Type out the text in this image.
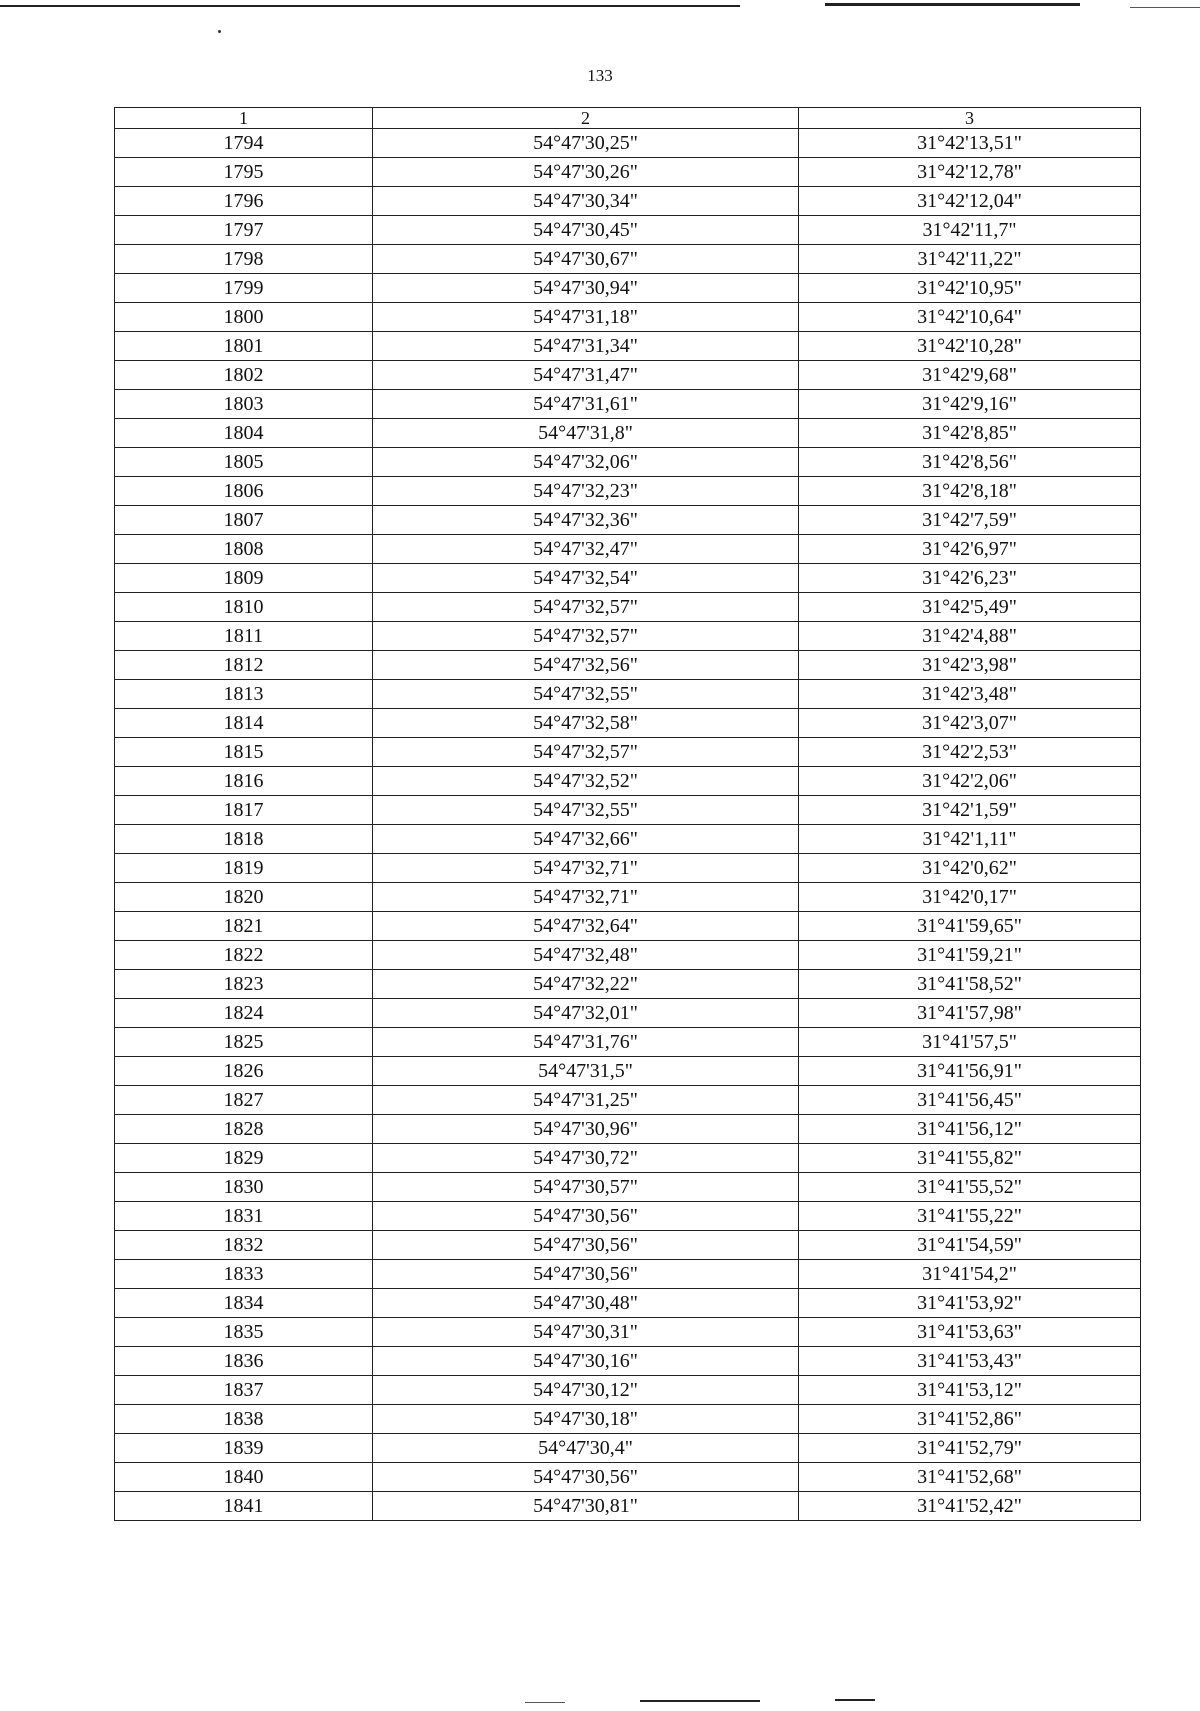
133
1	2	3
1794	54°47'30,25"	31°42'13,51"
1795	54°47'30,26"	31°42'12,78"
1796	54°47'30,34"	31°42'12,04"
1797	54°47'30,45"	31°42'11,7"
1798	54°47'30,67"	31°42'11,22"
1799	54°47'30,94"	31°42'10,95"
1800	54°47'31,18"	31°42'10,64"
1801	54°47'31,34"	31°42'10,28"
1802	54°47'31,47"	31°42'9,68"
1803	54°47'31,61"	31°42'9,16"
1804	54°47'31,8"	31°42'8,85"
1805	54°47'32,06"	31°42'8,56"
1806	54°47'32,23"	31°42'8,18"
1807	54°47'32,36"	31°42'7,59"
1808	54°47'32,47"	31°42'6,97"
1809	54°47'32,54"	31°42'6,23"
1810	54°47'32,57"	31°42'5,49"
1811	54°47'32,57"	31°42'4,88"
1812	54°47'32,56"	31°42'3,98"
1813	54°47'32,55"	31°42'3,48"
1814	54°47'32,58"	31°42'3,07"
1815	54°47'32,57"	31°42'2,53"
1816	54°47'32,52"	31°42'2,06"
1817	54°47'32,55"	31°42'1,59"
1818	54°47'32,66"	31°42'1,11"
1819	54°47'32,71"	31°42'0,62"
1820	54°47'32,71"	31°42'0,17"
1821	54°47'32,64"	31°41'59,65"
1822	54°47'32,48"	31°41'59,21"
1823	54°47'32,22"	31°41'58,52"
1824	54°47'32,01"	31°41'57,98"
1825	54°47'31,76"	31°41'57,5"
1826	54°47'31,5"	31°41'56,91"
1827	54°47'31,25"	31°41'56,45"
1828	54°47'30,96"	31°41'56,12"
1829	54°47'30,72"	31°41'55,82"
1830	54°47'30,57"	31°41'55,52"
1831	54°47'30,56"	31°41'55,22"
1832	54°47'30,56"	31°41'54,59"
1833	54°47'30,56"	31°41'54,2"
1834	54°47'30,48"	31°41'53,92"
1835	54°47'30,31"	31°41'53,63"
1836	54°47'30,16"	31°41'53,43"
1837	54°47'30,12"	31°41'53,12"
1838	54°47'30,18"	31°41'52,86"
1839	54°47'30,4"	31°41'52,79"
1840	54°47'30,56"	31°41'52,68"
1841	54°47'30,81"	31°41'52,42"
